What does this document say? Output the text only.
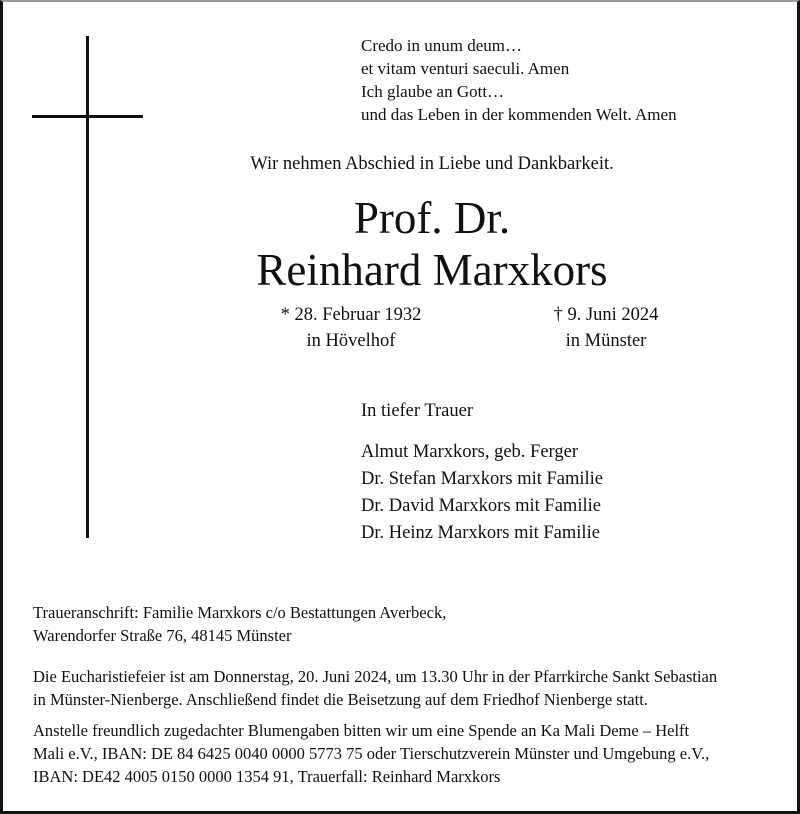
Credo in unum deum…
et vitam venturi saeculi. Amen
Ich glaube an Gott…
und das Leben in der kommenden Welt. Amen
Wir nehmen Abschied in Liebe und Dankbarkeit.
Prof. Dr.
Reinhard Marxkors
* 28. Februar 1932
in Hövelhof
† 9. Juni 2024
in Münster
In tiefer Trauer
Almut Marxkors, geb. Ferger
Dr. Stefan Marxkors mit Familie
Dr. David Marxkors mit Familie
Dr. Heinz Marxkors mit Familie
Traueranschrift: Familie Marxkors c/o Bestattungen Averbeck,
Warendorfer Straße 76, 48145 Münster
Die Eucharistiefeier ist am Donnerstag, 20. Juni 2024, um 13.30 Uhr in der Pfarrkirche Sankt Sebastian
in Münster-Nienberge. Anschließend findet die Beisetzung auf dem Friedhof Nienberge statt.
Anstelle freundlich zugedachter Blumengaben bitten wir um eine Spende an Ka Mali Deme – Helft
Mali e.V., IBAN: DE 84 6425 0040 0000 5773 75 oder Tierschutzverein Münster und Umgebung e.V.,
IBAN: DE42 4005 0150 0000 1354 91, Trauerfall: Reinhard Marxkors
